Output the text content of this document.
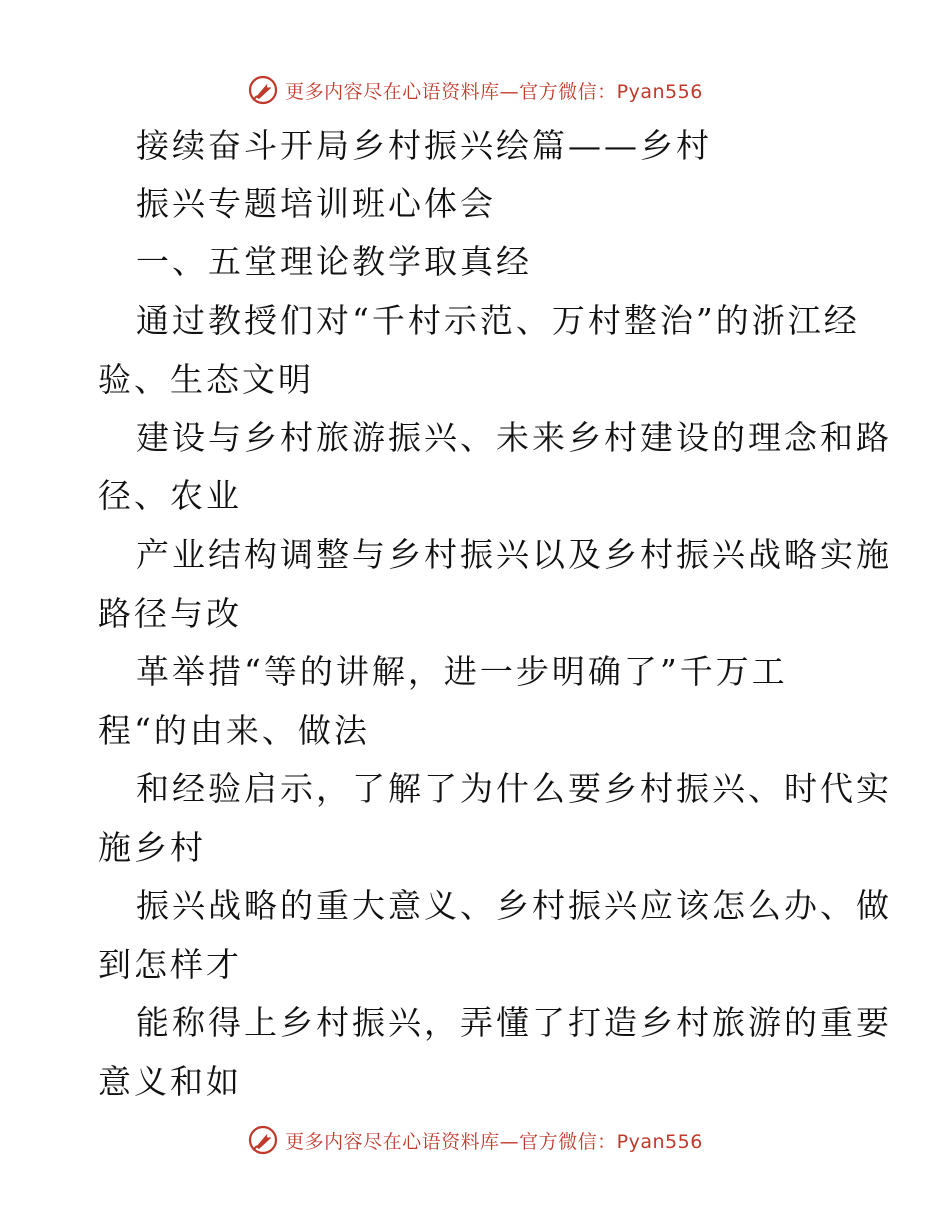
更多内容尽在心语资料库—官方微信：Pyan556
接续奋斗开局乡村振兴绘篇——乡村
振兴专题培训班心体会
一、五堂理论教学取真经
通过教授们对“千村示范、万村整治”的浙江经
验、生态文明
建设与乡村旅游振兴、未来乡村建设的理念和路
径、农业
产业结构调整与乡村振兴以及乡村振兴战略实施
路径与改
革举措“等的讲解，进一步明确了”千万工
程“的由来、做法
和经验启示，了解了为什么要乡村振兴、时代实
施乡村
振兴战略的重大意义、乡村振兴应该怎么办、做
到怎样才
能称得上乡村振兴，弄懂了打造乡村旅游的重要
意义和如
更多内容尽在心语资料库—官方微信：Pyan556
